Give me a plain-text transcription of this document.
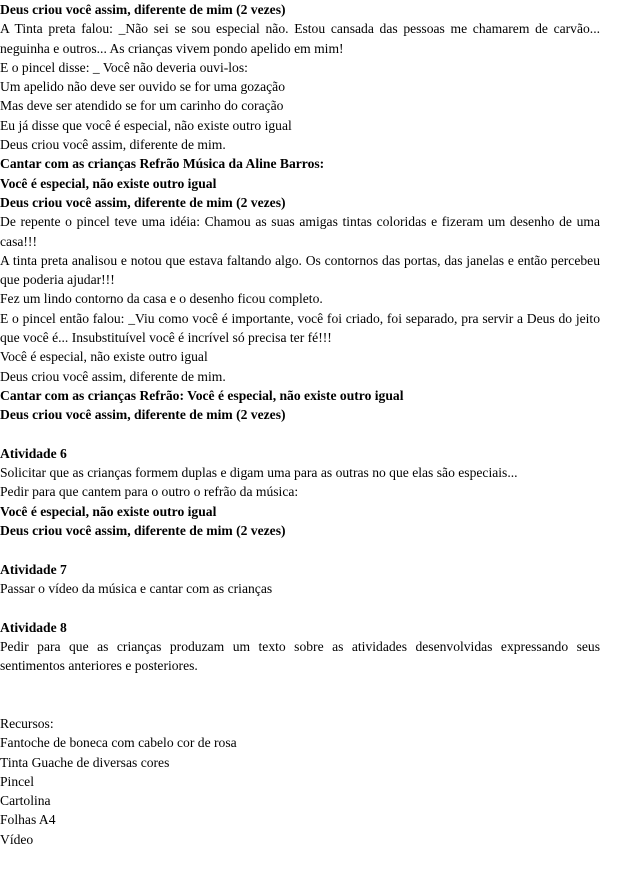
Deus criou você assim, diferente de mim (2 vezes)

A Tinta preta falou: _Não sei se sou especial não. Estou cansada das pessoas me chamarem de carvão... neguinha e outros... As crianças vivem pondo apelido em mim!

E o pincel disse: _ Você não deveria ouvi-los:

Um apelido não deve ser ouvido se for uma gozação

Mas deve ser atendido se for um carinho do coração

Eu já disse que você é especial, não existe outro igual

Deus criou você assim, diferente de mim.

Cantar com as crianças Refrão Música da Aline Barros:

Você é especial, não existe outro igual

Deus criou você assim, diferente de mim (2 vezes)

De repente o pincel teve uma idéia: Chamou as suas amigas tintas coloridas e fizeram um desenho de uma casa!!!

A tinta preta analisou e notou que estava faltando algo. Os contornos das portas, das janelas e então percebeu que poderia ajudar!!!

Fez um lindo contorno da casa e o desenho ficou completo.

E o pincel então falou: _Viu como você é importante, você foi criado, foi separado, pra servir a Deus do jeito que você é... Insubstituível você é incrível só precisa ter fé!!!

Você é especial, não existe outro igual

Deus criou você assim, diferente de mim.

Cantar com as crianças Refrão: Você é especial, não existe outro igual

Deus criou você assim, diferente de mim (2 vezes)

Atividade 6

Solicitar que as crianças formem duplas e digam uma para as outras no que elas são especiais...

Pedir para que cantem para o outro o refrão da música:

Você é especial, não existe outro igual

Deus criou você assim, diferente de mim (2 vezes)

Atividade 7

Passar o vídeo da música e cantar com as crianças

Atividade 8

Pedir para que as crianças produzam um texto sobre as atividades desenvolvidas expressando seus sentimentos anteriores e posteriores.

Recursos:

Fantoche de boneca com cabelo cor de rosa

Tinta Guache de diversas cores

Pincel

Cartolina

Folhas A4

Vídeo
